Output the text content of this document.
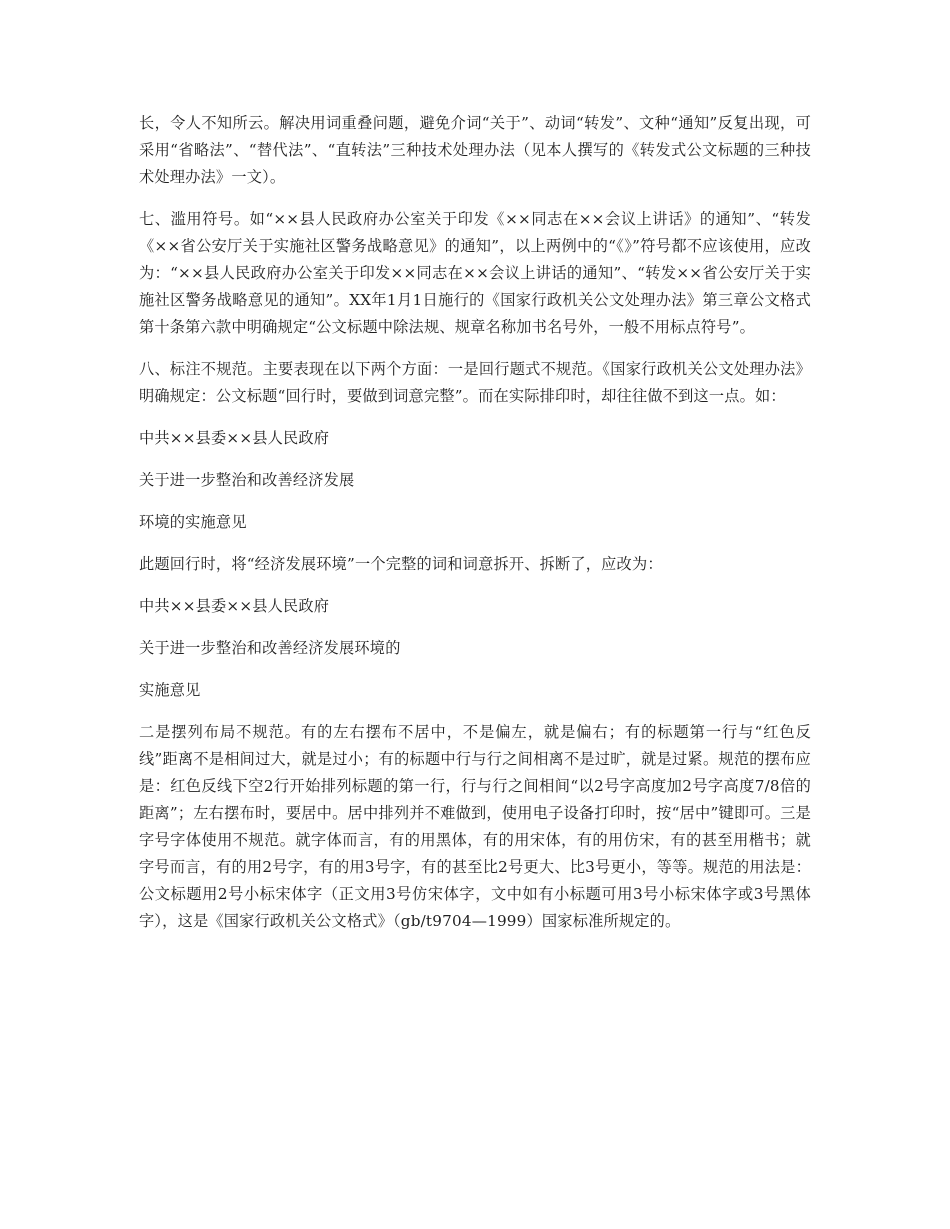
长，令人不知所云。解决用词重叠问题，避免介词“关于”、动词“转发”、文种“通知”反复出现，可采用“省略法”、“替代法”、“直转法”三种技术处理办法（见本人撰写的《转发式公文标题的三种技术处理办法》一文）。

七、滥用符号。如“××县人民政府办公室关于印发《××同志在××会议上讲话》的通知”、“转发《××省公安厅关于实施社区警务战略意见》的通知”，以上两例中的“《》”符号都不应该使用，应改为：“××县人民政府办公室关于印发××同志在××会议上讲话的通知”、“转发××省公安厅关于实施社区警务战略意见的通知”。XX年1月1日施行的《国家行政机关公文处理办法》第三章公文格式第十条第六款中明确规定“公文标题中除法规、规章名称加书名号外，一般不用标点符号”。

八、标注不规范。主要表现在以下两个方面：一是回行题式不规范。《国家行政机关公文处理办法》明确规定：公文标题“回行时，要做到词意完整”。而在实际排印时，却往往做不到这一点。如：

中共××县委××县人民政府

关于进一步整治和改善经济发展

环境的实施意见

此题回行时，将“经济发展环境”一个完整的词和词意拆开、拆断了，应改为：

中共××县委××县人民政府

关于进一步整治和改善经济发展环境的

实施意见

二是摆列布局不规范。有的左右摆布不居中，不是偏左，就是偏右；有的标题第一行与“红色反线”距离不是相间过大，就是过小；有的标题中行与行之间相离不是过旷，就是过紧。规范的摆布应是：红色反线下空2行开始排列标题的第一行，行与行之间相间“以2号字高度加2号字高度7/8倍的距离”；左右摆布时，要居中。居中排列并不难做到，使用电子设备打印时，按“居中”键即可。三是字号字体使用不规范。就字体而言，有的用黑体，有的用宋体，有的用仿宋，有的甚至用楷书；就字号而言，有的用2号字，有的用3号字，有的甚至比2号更大、比3号更小，等等。规范的用法是：公文标题用2号小标宋体字（正文用3号仿宋体字，文中如有小标题可用3号小标宋体字或3号黑体字），这是《国家行政机关公文格式》（gb/t9704—1999）国家标准所规定的。
